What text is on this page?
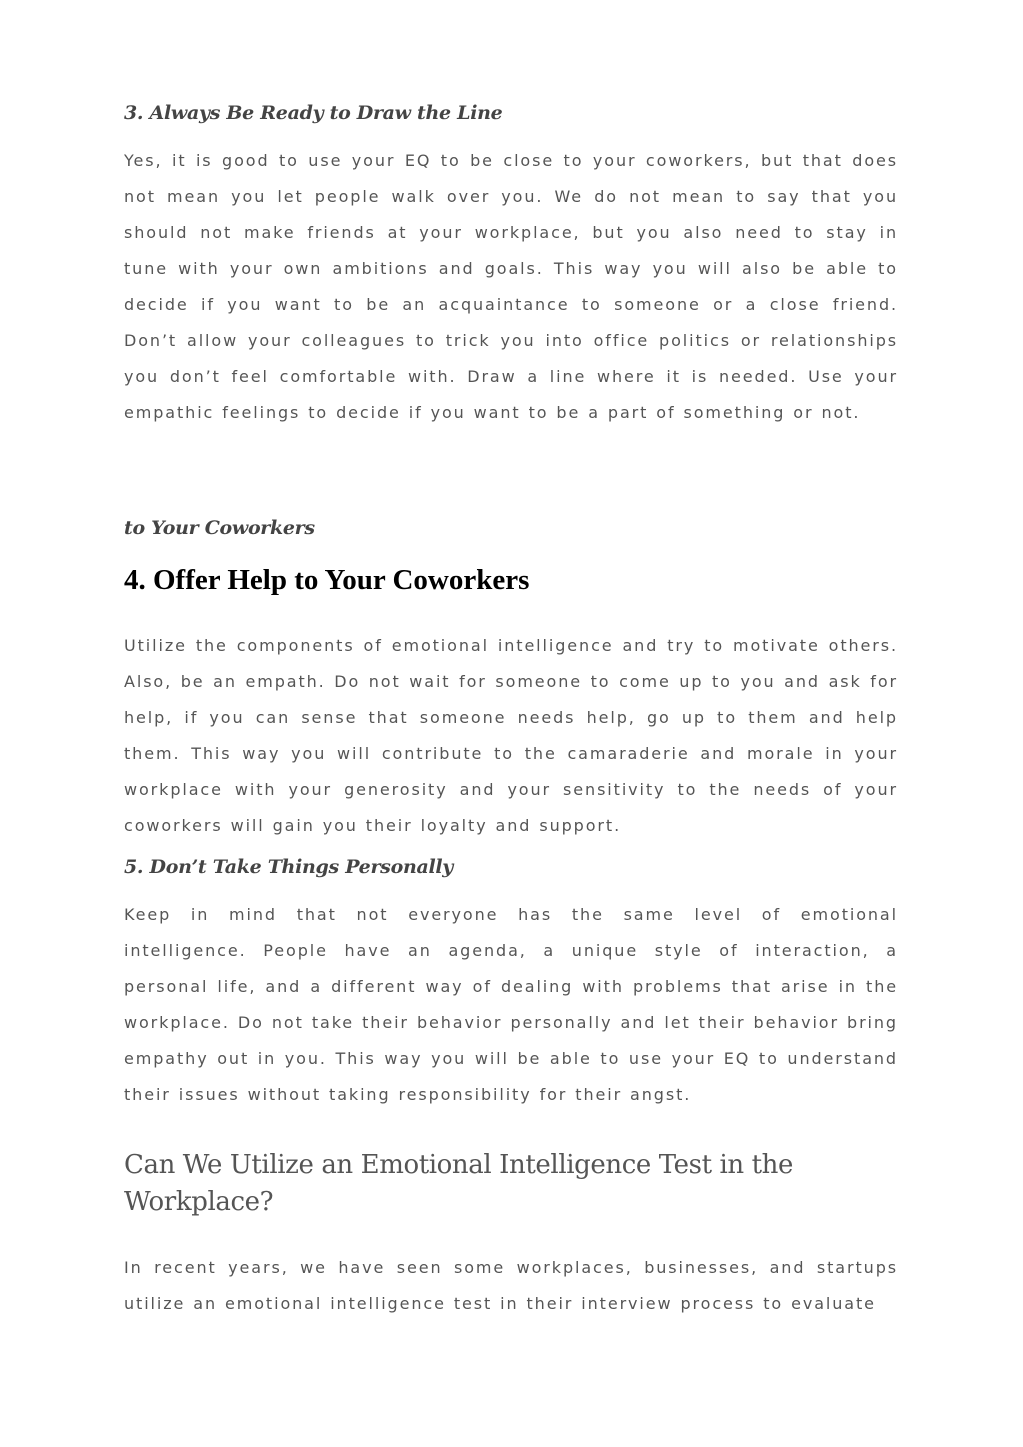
3. Always Be Ready to Draw the Line

Yes, it is good to use your EQ to be close to your coworkers, but that does not mean you let people walk over you. We do not mean to say that you should not make friends at your workplace, but you also need to stay in tune with your own ambitions and goals. This way you will also be able to decide if you want to be an acquaintance to someone or a close friend. Don’t allow your colleagues to trick you into office politics or relationships you don’t feel comfortable with. Draw a line where it is needed. Use your empathic feelings to decide if you want to be a part of something or not.

to Your Coworkers
4. Offer Help to Your Coworkers

Utilize the components of emotional intelligence and try to motivate others. Also, be an empath. Do not wait for someone to come up to you and ask for help, if you can sense that someone needs help, go up to them and help them. This way you will contribute to the camaraderie and morale in your workplace with your generosity and your sensitivity to the needs of your coworkers will gain you their loyalty and support.

5. Don’t Take Things Personally

Keep in mind that not everyone has the same level of emotional intelligence. People have an agenda, a unique style of interaction, a personal life, and a different way of dealing with problems that arise in the workplace. Do not take their behavior personally and let their behavior bring empathy out in you. This way you will be able to use your EQ to understand their issues without taking responsibility for their angst.

Can We Utilize an Emotional Intelligence Test in the Workplace?

In recent years, we have seen some workplaces, businesses, and startups utilize an emotional intelligence test in their interview process to evaluate
